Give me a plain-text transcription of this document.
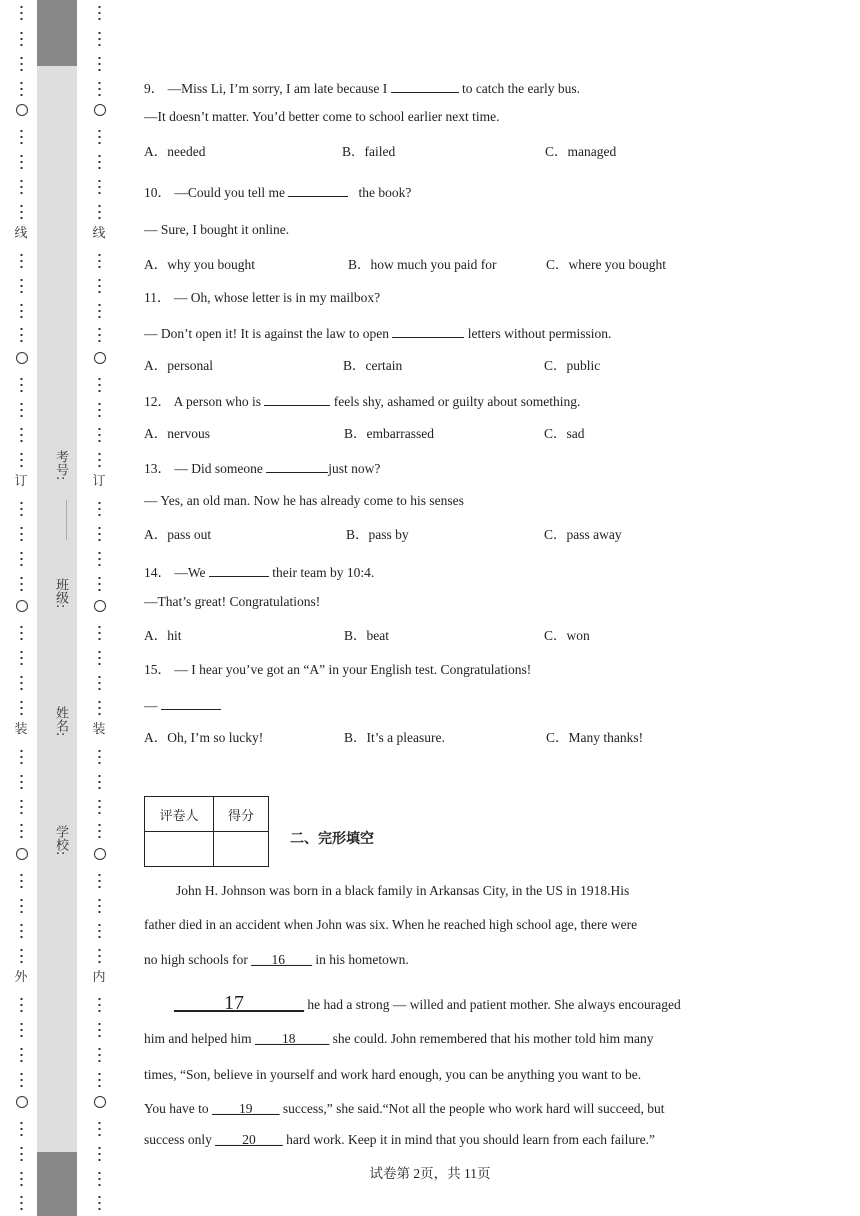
线
订
装
外
考号:
班级:
姓名:
学校:
线
订
装
内
9． —Miss Li, I’m sorry, I am late because I	to catch the early bus.
—It doesn’t matter. You’d better come to school earlier next time.
A．needed	B．failed	C．managed
10． —Could you tell me	the book?
— Sure, I bought it online.
A．why you bought	B．how much you paid for	C．where you bought
11． — Oh, whose letter is in my mailbox?
— Don’t open it! It is against the law to open	letters without permission.
A．personal	B．certain	C．public
12． A person who is	feels shy, ashamed or guilty about something.
A．nervous	B．embarrassed	C．sad
13． — Did someone	just now?
— Yes, an old man. Now he has already come to his senses
A．pass out	B．pass by	C．pass away
14． —We	their team by 10:4.
—That’s great! Congratulations!
A．hit	B．beat	C．won
15． — I hear you’ve got an “A” in your English test. Congratulations!
—
A．Oh, I’m so lucky!	B．It’s a pleasure.	C．Many thanks!
评卷人	得分

二、完形填空
John H. Johnson was born in a black family in Arkansas City, in the US in 1918.His
father died in an accident when John was six. When he reached high school age, there were
no high schools for ___16____ in his hometown.
_____17______ he had a strong — willed and patient mother. She always encouraged
him and helped him ____18_____ she could. John remembered that his mother told him many
times, “Son, believe in yourself and work hard enough, you can be anything you want to be.
You have to ____19____ success,” she said.“Not all the people who work hard will succeed, but
success only ____20____ hard work. Keep it in mind that you should learn from each failure.”
试卷第 2页，共 11页
